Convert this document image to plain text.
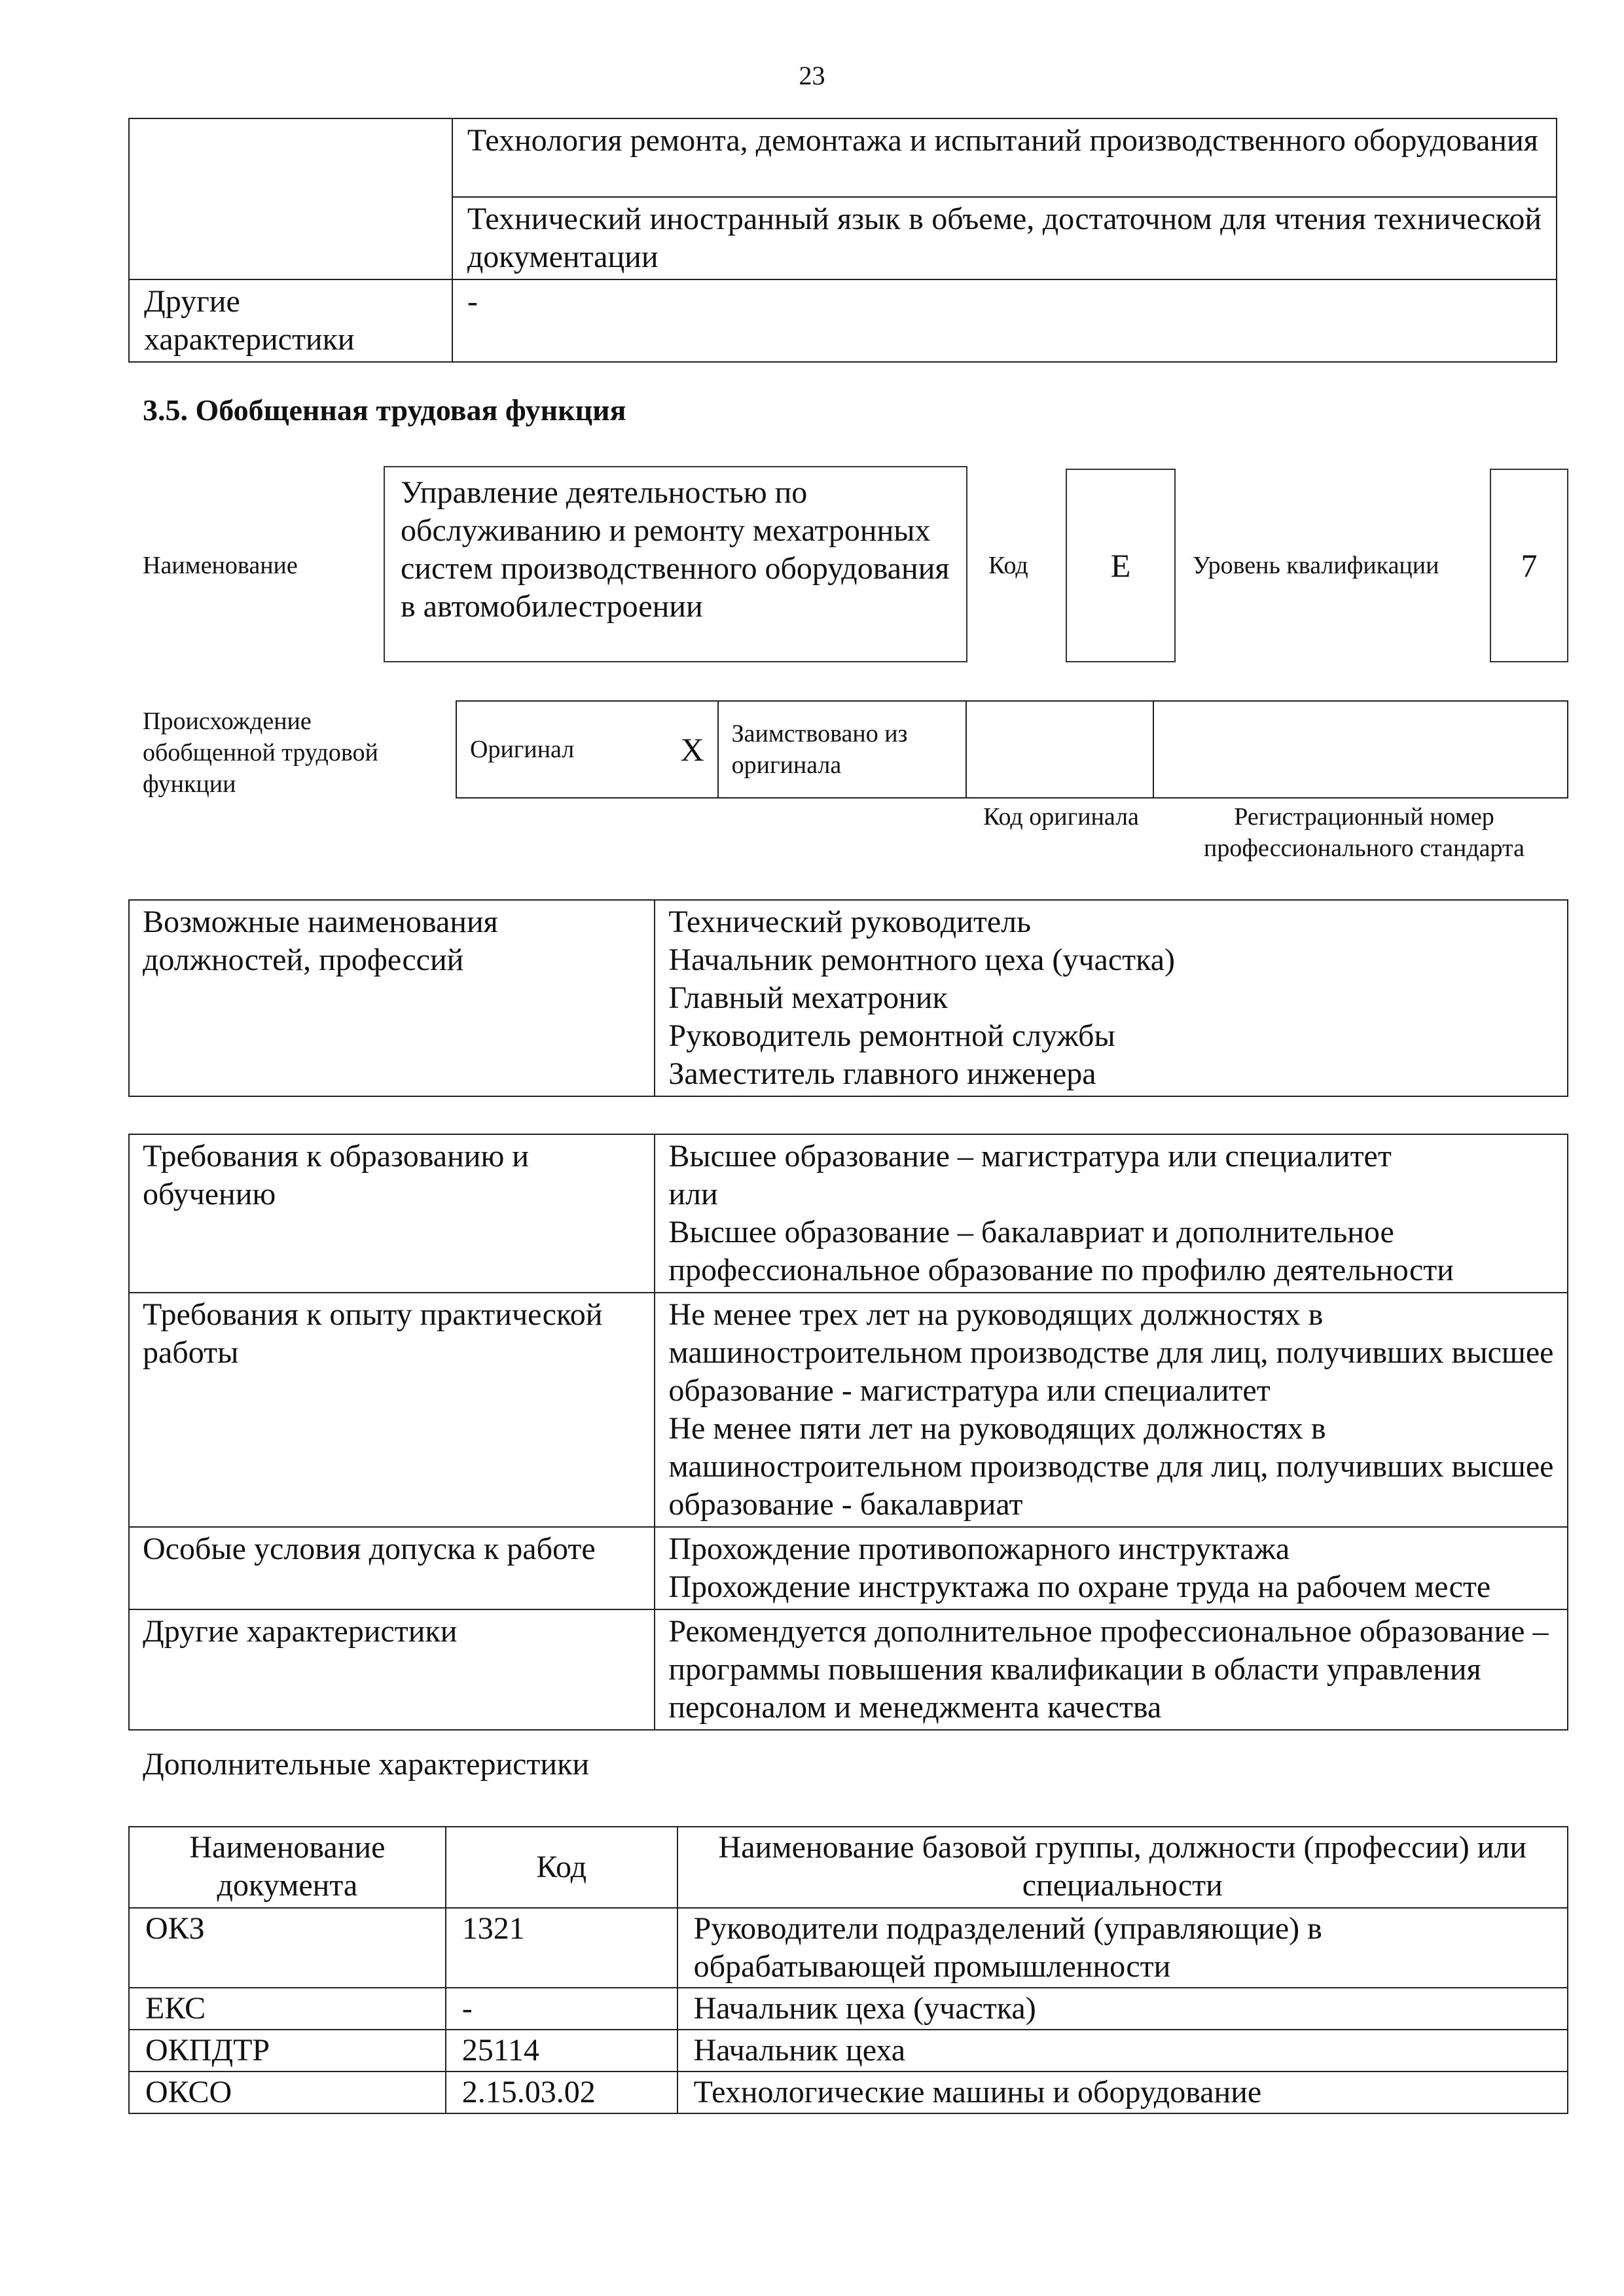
23
	Технология ремонта, демонтажа и испытаний производственного оборудования
	Технический иностранный язык в объеме, достаточном для чтения технической документации
Другие характеристики	-
3.5. Обобщенная трудовая функция
Наименование
Управление деятельностью по обслуживанию и ремонту мехатронных систем производственного оборудования в автомобилестроении
Код	E	Уровень квалификации	7
Происхождение обобщенной трудовой функции
Оригинал	X	Заимствовано из оригинала		
Код оригинала	Регистрационный номер профессионального стандарта
Возможные наименования должностей, профессий	
Технический руководитель
Начальник ремонтного цеха (участка)
Главный мехатроник
Руководитель ремонтной службы
Заместитель главного инженера
Требования к образованию и обучению	Высшее образование – магистратура или специалитет
или
Высшее образование – бакалавриат и дополнительное профессиональное образование по профилю деятельности

Требования к опыту практической работы	Не менее трех лет на руководящих должностях в машиностроительном производстве для лиц, получивших высшее образование - магистратура или специалитет
Не менее пяти лет на руководящих должностях в машиностроительном производстве для лиц, получивших высшее образование - бакалавриат

Особые условия допуска к работе	Прохождение противопожарного инструктажа
Прохождение инструктажа по охране труда на рабочем месте

Другие характеристики	Рекомендуется дополнительное профессиональное образование – программы повышения квалификации в области управления персоналом и менеджмента качества
Дополнительные характеристики
Наименование документа	Код	Наименование базовой группы, должности (профессии) или специальности
ОКЗ	1321	Руководители подразделений (управляющие) в обрабатывающей промышленности
ЕКС	-	Начальник цеха (участка)
ОКПДТР	25114	Начальник цеха
ОКСО	2.15.03.02	Технологические машины и оборудование
